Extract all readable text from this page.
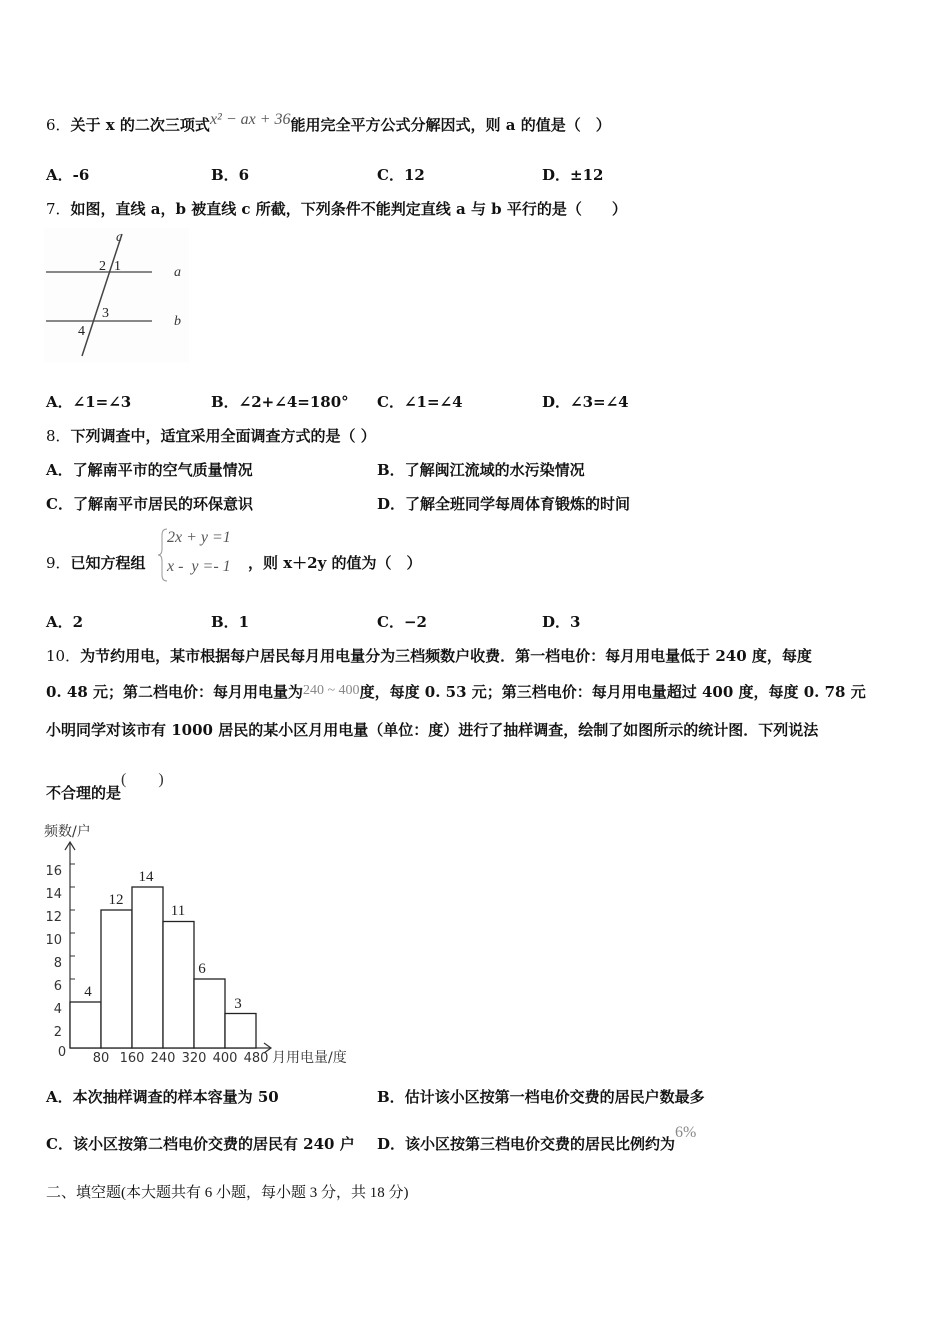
6．关于 x 的二次三项式x² − ax + 36能用完全平方公式分解因式，则 a 的值是（　）
A．-6	B．6	C．12	D．±12
7．如图，直线 a，b 被直线 c 所截，下列条件不能判定直线 a 与 b 平行的是（　　）
c
a
b
2 1
3
4
A．∠1=∠3	B．∠2+∠4=180° C．∠1=∠4	D．∠3=∠4
8．下列调查中，适宜采用全面调查方式的是（ ）
A．了解南平市的空气质量情况	B．了解闽江流域的水污染情况
C．了解南平市居民的环保意识	D．了解全班同学每周体育锻炼的时间
9．已知方程组
2x + y =1
x -  y =- 1 ，则 x＋2y 的值为（　）
A．2	B．1	C．−2	D．3
10．为节约用电，某市根据每户居民每月用电量分为三档频数户收费．第一档电价：每月用电量低于 240 度，每度
0. 48 元；第二档电价：每月用电量为240 ~ 400度，每度 0. 53 元；第三档电价：每月用电量超过 400 度，每度 0. 78 元
小明同学对该市有 1000 居民的某小区月用电量（单位：度）进行了抽样调查，绘制了如图所示的统计图．下列说法
不合理的是(　　)
频数/户
2
4
6
8
10
12
14
16
4
12
14
11
6
3
0 80 160 240 320 400 480 月用电量/度
A．本次抽样调查的样本容量为 50	B．估计该小区按第一档电价交费的居民户数最多
C．该小区按第二档电价交费的居民有 240 户 D．该小区按第三档电价交费的居民比例约为6%
二、填空题(本大题共有 6 小题，每小题 3 分，共 18 分)
